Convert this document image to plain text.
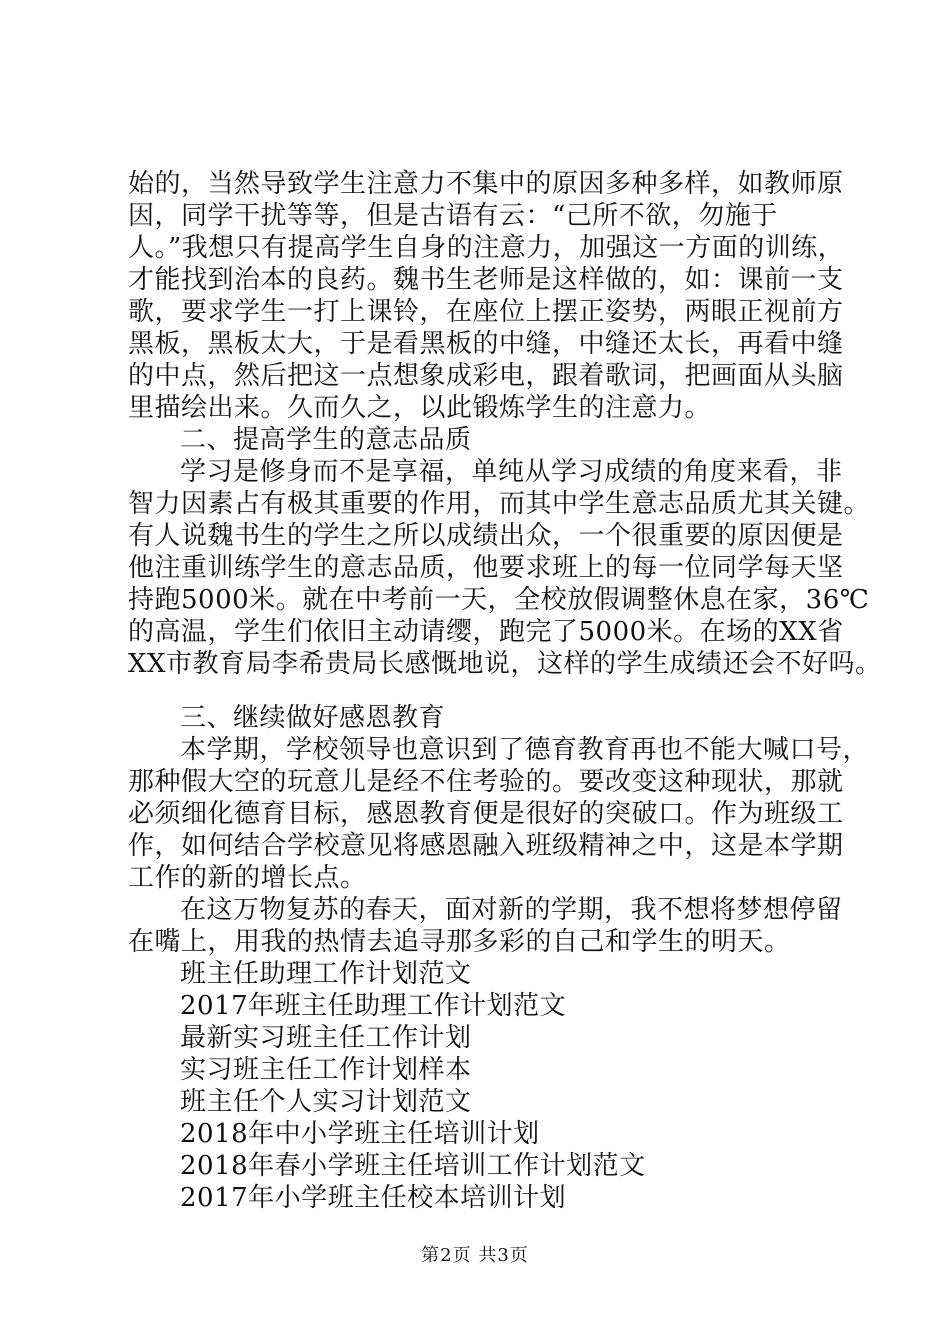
始的，当然导致学生注意力不集中的原因多种多样，如教师原
因，同学干扰等等，但是古语有云：“己所不欲，勿施于
人。”我想只有提高学生自身的注意力，加强这一方面的训练，
才能找到治本的良药。魏书生老师是这样做的，如：课前一支
歌，要求学生一打上课铃，在座位上摆正姿势，两眼正视前方
黑板，黑板太大，于是看黑板的中缝，中缝还太长，再看中缝
的中点，然后把这一点想象成彩电，跟着歌词，把画面从头脑
里描绘出来。久而久之，以此锻炼学生的注意力。
二、提高学生的意志品质
学习是修身而不是享福，单纯从学习成绩的角度来看，非
智力因素占有极其重要的作用，而其中学生意志品质尤其关键。
有人说魏书生的学生之所以成绩出众，一个很重要的原因便是
他注重训练学生的意志品质，他要求班上的每一位同学每天坚
持跑5000米。就在中考前一天，全校放假调整休息在家，36℃
的高温，学生们依旧主动请缨，跑完了5000米。在场的XX省
XX市教育局李希贵局长感慨地说，这样的学生成绩还会不好吗。
三、继续做好感恩教育
本学期，学校领导也意识到了德育教育再也不能大喊口号，
那种假大空的玩意儿是经不住考验的。要改变这种现状，那就
必须细化德育目标，感恩教育便是很好的突破口。作为班级工
作，如何结合学校意见将感恩融入班级精神之中，这是本学期
工作的新的增长点。
在这万物复苏的春天，面对新的学期，我不想将梦想停留
在嘴上，用我的热情去追寻那多彩的自己和学生的明天。
班主任助理工作计划范文
2017年班主任助理工作计划范文
最新实习班主任工作计划
实习班主任工作计划样本
班主任个人实习计划范文
2018年中小学班主任培训计划
2018年春小学班主任培训工作计划范文
2017年小学班主任校本培训计划
第2页 共3页
